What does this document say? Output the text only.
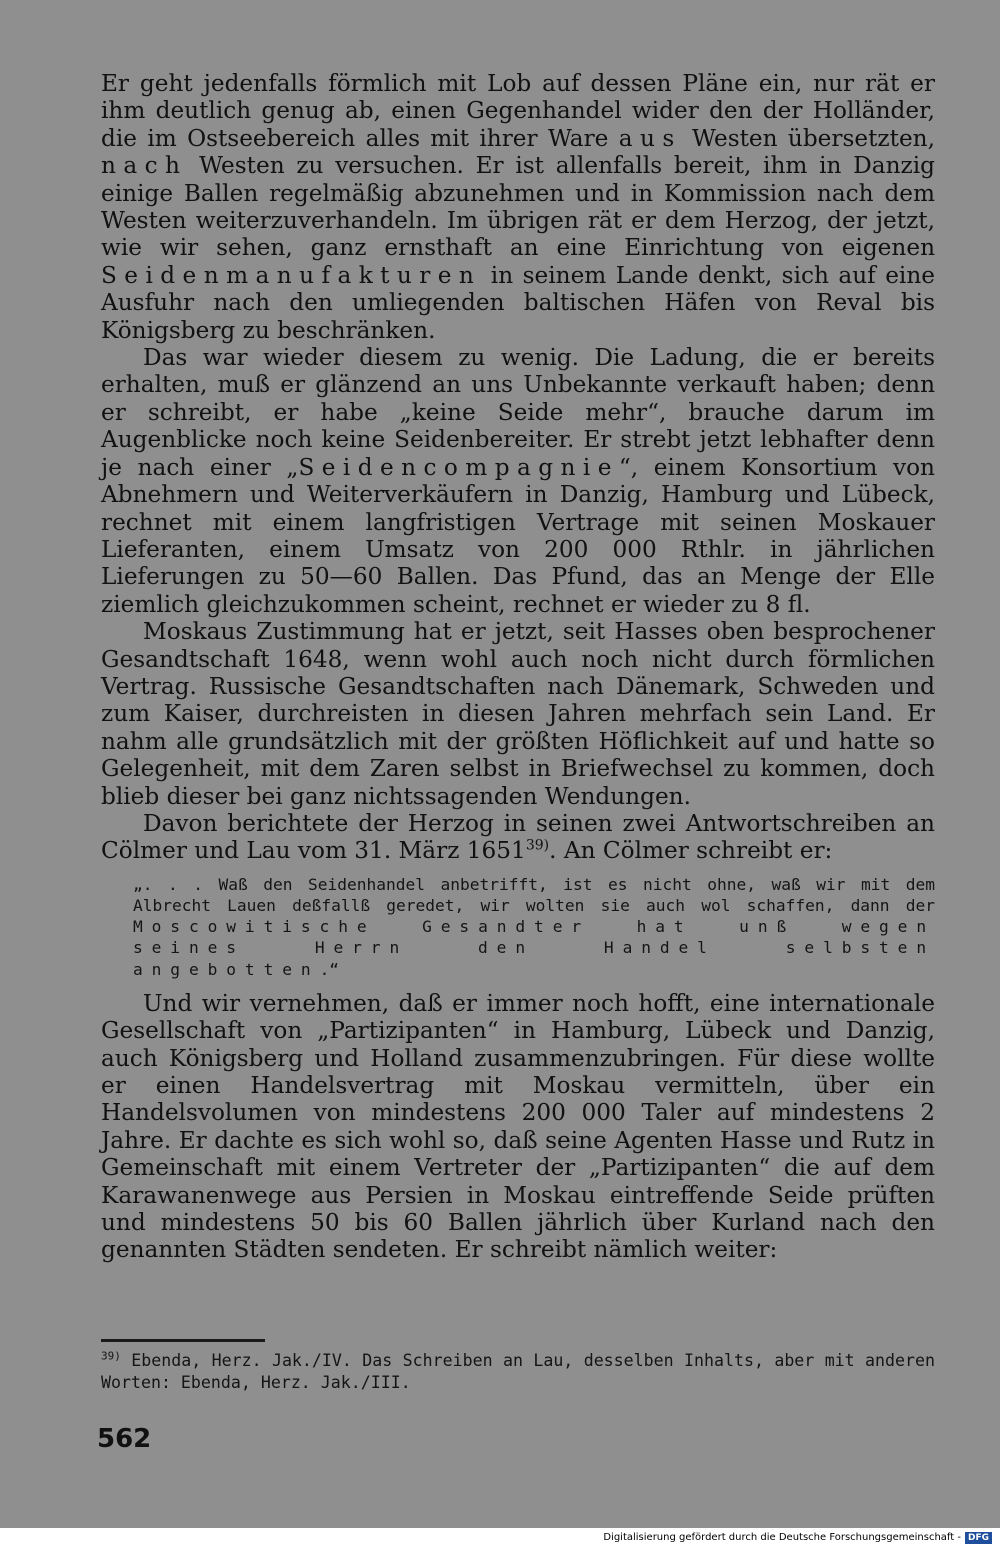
Er geht jedenfalls förmlich mit Lob auf dessen Pläne ein, nur rät er ihm deutlich genug ab, einen Gegenhandel wider den der Holländer, die im Ostseebereich alles mit ihrer Ware aus Westen übersetzten, nach Westen zu versuchen. Er ist allenfalls bereit, ihm in Danzig einige Ballen regelmäßig abzunehmen und in Kommission nach dem Westen weiterzuverhandeln. Im übrigen rät er dem Herzog, der jetzt, wie wir sehen, ganz ernsthaft an eine Einrichtung von eigenen Seidenmanufakturen in seinem Lande denkt, sich auf eine Ausfuhr nach den umliegenden baltischen Häfen von Reval bis Königsberg zu beschränken.

Das war wieder diesem zu wenig. Die Ladung, die er bereits erhalten, muß er glänzend an uns Unbekannte verkauft haben; denn er schreibt, er habe „keine Seide mehr“, brauche darum im Augenblicke noch keine Seidenbereiter. Er strebt jetzt lebhafter denn je nach einer „Seidencompagnie“, einem Konsortium von Abnehmern und Weiterverkäufern in Danzig, Hamburg und Lübeck, rechnet mit einem langfristigen Vertrage mit seinen Moskauer Lieferanten, einem Umsatz von 200 000 Rthlr. in jährlichen Lieferungen zu 50—60 Ballen. Das Pfund, das an Menge der Elle ziemlich gleichzukommen scheint, rechnet er wieder zu 8 fl.

Moskaus Zustimmung hat er jetzt, seit Hasses oben besprochener Gesandtschaft 1648, wenn wohl auch noch nicht durch förmlichen Vertrag. Russische Gesandtschaften nach Dänemark, Schweden und zum Kaiser, durchreisten in diesen Jahren mehrfach sein Land. Er nahm alle grundsätzlich mit der größten Höflichkeit auf und hatte so Gelegenheit, mit dem Zaren selbst in Briefwechsel zu kommen, doch blieb dieser bei ganz nichtssagenden Wendungen.

Davon berichtete der Herzog in seinen zwei Antwortschreiben an Cölmer und Lau vom 31. März 1651$^{39)}$. An Cölmer schreibt er:

„. . . Waß den Seidenhandel anbetrifft, ist es nicht ohne, waß wir mit dem Albrecht Lauen deßfallß geredet, wir wolten sie auch wol schaffen, dann der Moscowitische Gesandter hat unß wegen seines Herrn den Handel selbsten angebotten.“

Und wir vernehmen, daß er immer noch hofft, eine internationale Gesellschaft von „Partizipanten“ in Hamburg, Lübeck und Danzig, auch Königsberg und Holland zusammenzubringen. Für diese wollte er einen Handelsvertrag mit Moskau vermitteln, über ein Handelsvolumen von mindestens 200 000 Taler auf mindestens 2 Jahre. Er dachte es sich wohl so, daß seine Agenten Hasse und Rutz in Gemeinschaft mit einem Vertreter der „Partizipanten“ die auf dem Karawanenwege aus Persien in Moskau eintreffende Seide prüften und mindestens 50 bis 60 Ballen jährlich über Kurland nach den genannten Städten sendeten. Er schreibt nämlich weiter:

$^{39)}$ Ebenda, Herz. Jak./IV. Das Schreiben an Lau, desselben Inhalts, aber mit anderen Worten: Ebenda, Herz. Jak./III.
562
Digitalisierung gefördert durch die Deutsche Forschungsgemeinschaft - DFG
